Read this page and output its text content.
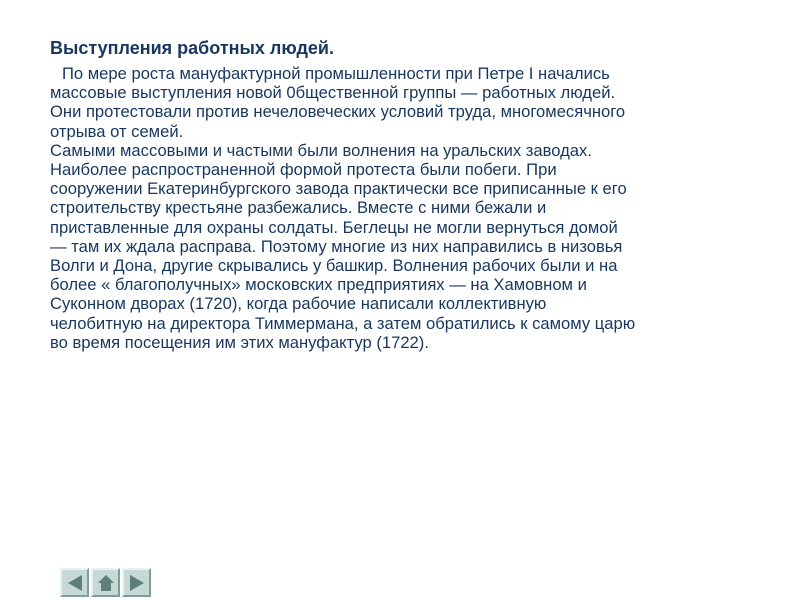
Выступления работных людей.
По мере роста мануфактурной промышленности при Петре I начались
массовые выступления новой 0бщественной группы — работных людей.
Они протестовали против нечеловеческих условий труда, многомесячного
отрыва от семей.
Самыми массовыми и частыми были волнения на уральских заводах.
Наиболее распространенной формой протеста были побеги. При
сооружении Екатеринбургского завода практически все приписанные к его
строительству крестьяне разбежались. Вместе с ними бежали и
приставленные для охраны солдаты. Беглецы не могли вернуться домой
— там их ждала расправа. Поэтому многие из них направились в низовья
Волги и Дона, другие скрывались у башкир. Волнения рабочих были и на
более « благополучных» московских предприятиях — на Хамовном и
Суконном дворах (1720), когда рабочие написали коллективную
челобитную на директора Тиммермана, а затем обратились к самому царю
во время посещения им этих мануфактур (1722).
